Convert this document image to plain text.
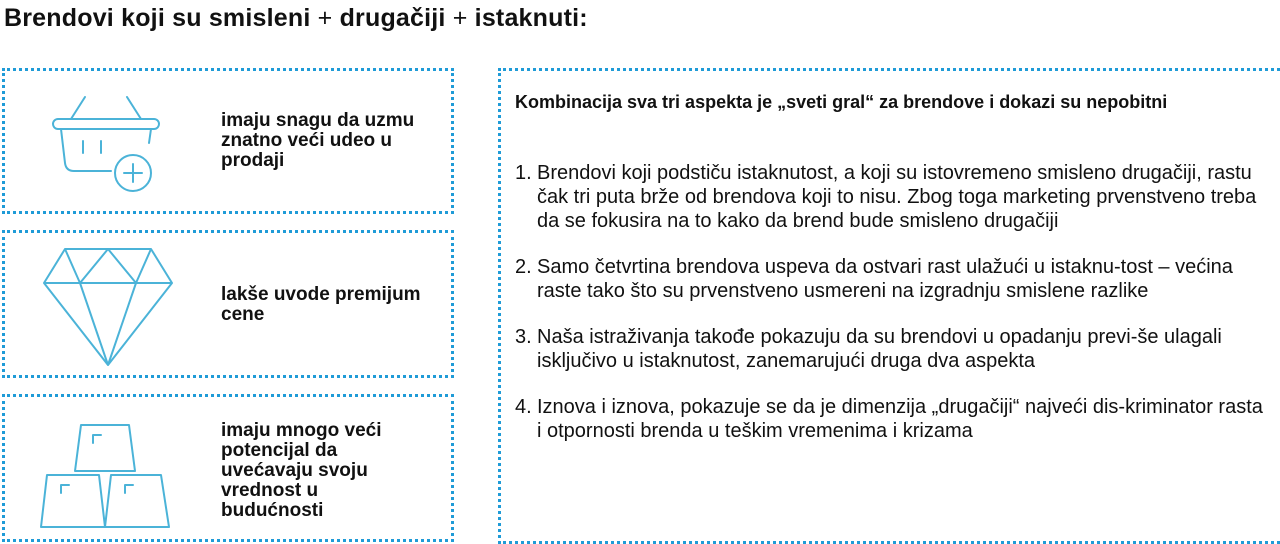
Brendovi koji su smisleni + drugačiji + istaknuti:
imaju snagu da uzmu znatno veći udeo u prodaji
lakše uvode premijum cene
imaju mnogo veći potencijal da uvećavaju svoju vrednost u budućnosti
Kombinacija sva tri aspekta je „sveti gral“ za brendove i dokazi su nepobitni
1. Brendovi koji podstiču istaknutost, a koji su istovremeno smisleno drugačiji, rastu čak tri puta brže od brendova koji to nisu. Zbog toga marketing prvenstveno treba da se fokusira na to kako da brend bude smisleno drugačiji
2. Samo četvrtina brendova uspeva da ostvari rast ulažući u istaknu-tost – većina raste tako što su prvenstveno usmereni na izgradnju smislene razlike
3. Naša istraživanja takođe pokazuju da su brendovi u opadanju previ-še ulagali isključivo u istaknutost, zanemarujući druga dva aspekta
4. Iznova i iznova, pokazuje se da je dimenzija „drugačiji“ najveći dis-kriminator rasta i otpornosti brenda u teškim vremenima i krizama
